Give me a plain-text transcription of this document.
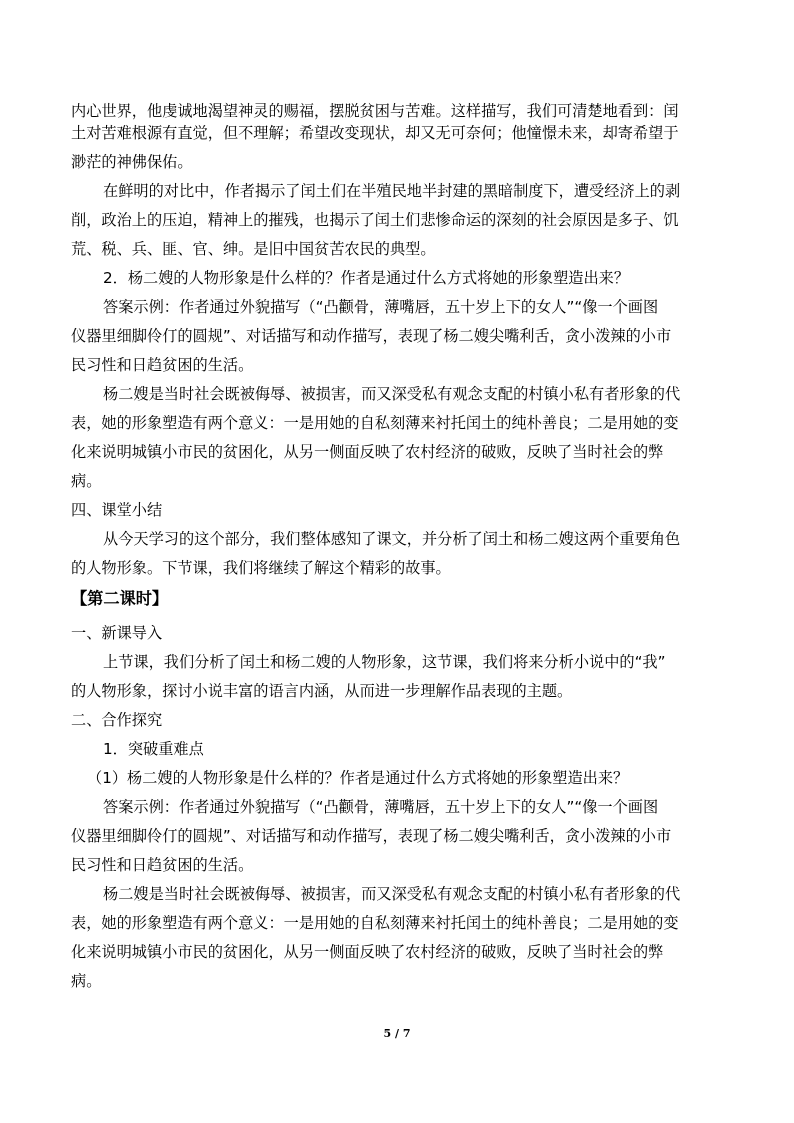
内心世界，他虔诚地渴望神灵的赐福，摆脱贫困与苦难。这样描写，我们可清楚地看到：闰

土对苦难根源有直觉，但不理解；希望改变现状，却又无可奈何；他憧憬未来，却寄希望于

渺茫的神佛保佑。

在鲜明的对比中，作者揭示了闰土们在半殖民地半封建的黑暗制度下，遭受经济上的剥

削，政治上的压迫，精神上的摧残，也揭示了闰土们悲惨命运的深刻的社会原因是多子、饥

荒、税、兵、匪、官、绅。是旧中国贫苦农民的典型。

2．杨二嫂的人物形象是什么样的？作者是通过什么方式将她的形象塑造出来？

答案示例：作者通过外貌描写（“凸颧骨，薄嘴唇，五十岁上下的女人”“像一个画图

仪器里细脚伶仃的圆规”、对话描写和动作描写，表现了杨二嫂尖嘴利舌，贪小泼辣的小市

民习性和日趋贫困的生活。

杨二嫂是当时社会既被侮辱、被损害，而又深受私有观念支配的村镇小私有者形象的代

表，她的形象塑造有两个意义：一是用她的自私刻薄来衬托闰土的纯朴善良；二是用她的变

化来说明城镇小市民的贫困化，从另一侧面反映了农村经济的破败，反映了当时社会的弊

病。

四、课堂小结

从今天学习的这个部分，我们整体感知了课文，并分析了闰土和杨二嫂这两个重要角色

的人物形象。下节课，我们将继续了解这个精彩的故事。

【第二课时】

一、新课导入

上节课，我们分析了闰土和杨二嫂的人物形象，这节课，我们将来分析小说中的“我”

的人物形象，探讨小说丰富的语言内涵，从而进一步理解作品表现的主题。

二、合作探究

1．突破重难点

（1）杨二嫂的人物形象是什么样的？作者是通过什么方式将她的形象塑造出来？

答案示例：作者通过外貌描写（“凸颧骨，薄嘴唇，五十岁上下的女人”“像一个画图

仪器里细脚伶仃的圆规”、对话描写和动作描写，表现了杨二嫂尖嘴利舌，贪小泼辣的小市

民习性和日趋贫困的生活。

杨二嫂是当时社会既被侮辱、被损害，而又深受私有观念支配的村镇小私有者形象的代

表，她的形象塑造有两个意义：一是用她的自私刻薄来衬托闰土的纯朴善良；二是用她的变

化来说明城镇小市民的贫困化，从另一侧面反映了农村经济的破败，反映了当时社会的弊

病。

5 / 7
